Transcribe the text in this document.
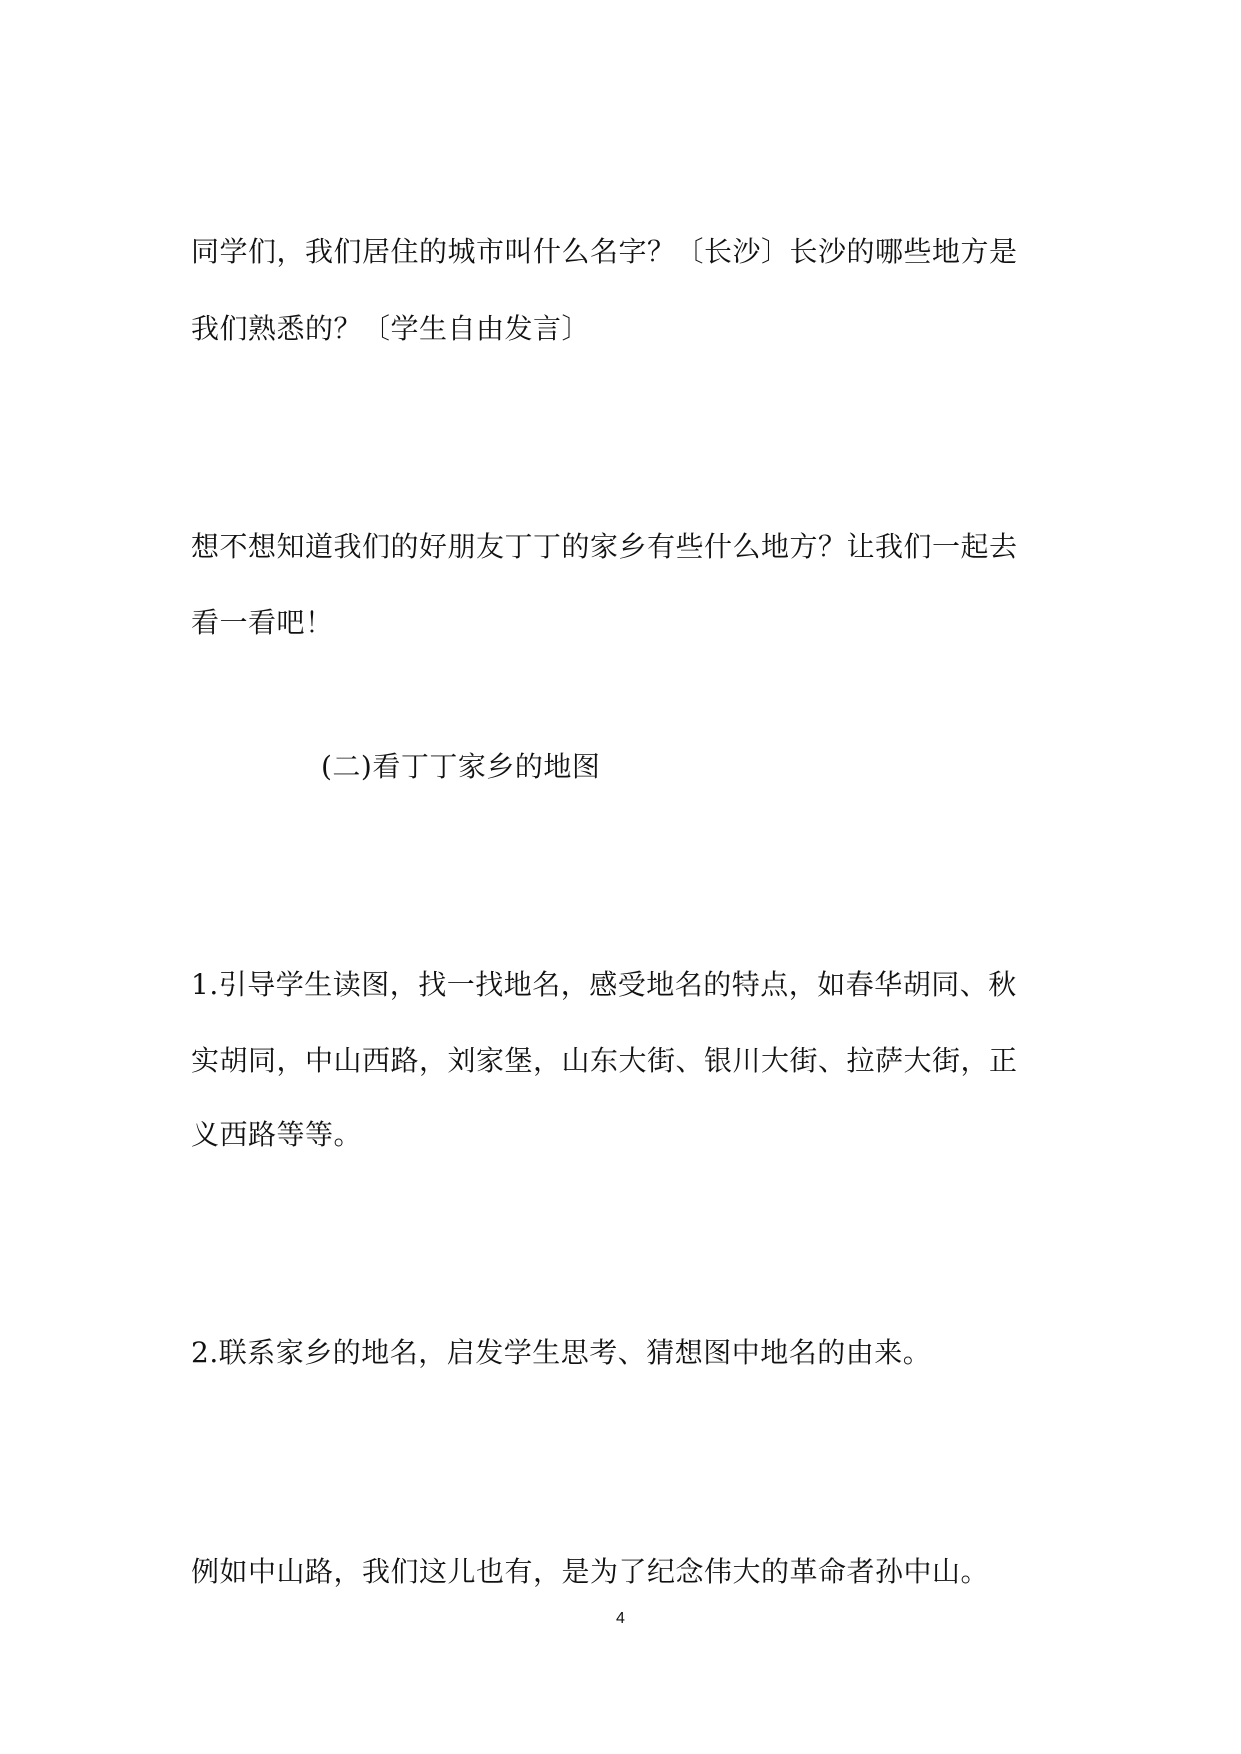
同学们，我们居住的城市叫什么名字？〔长沙〕长沙的哪些地方是
我们熟悉的？〔学生自由发言〕
想不想知道我们的好朋友丁丁的家乡有些什么地方？让我们一起去
看一看吧！
(二)看丁丁家乡的地图
1.引导学生读图，找一找地名，感受地名的特点，如春华胡同、秋
实胡同，中山西路，刘家堡，山东大街、银川大街、拉萨大街，正
义西路等等。
2.联系家乡的地名，启发学生思考、猜想图中地名的由来。
例如中山路，我们这儿也有，是为了纪念伟大的革命者孙中山。
4
